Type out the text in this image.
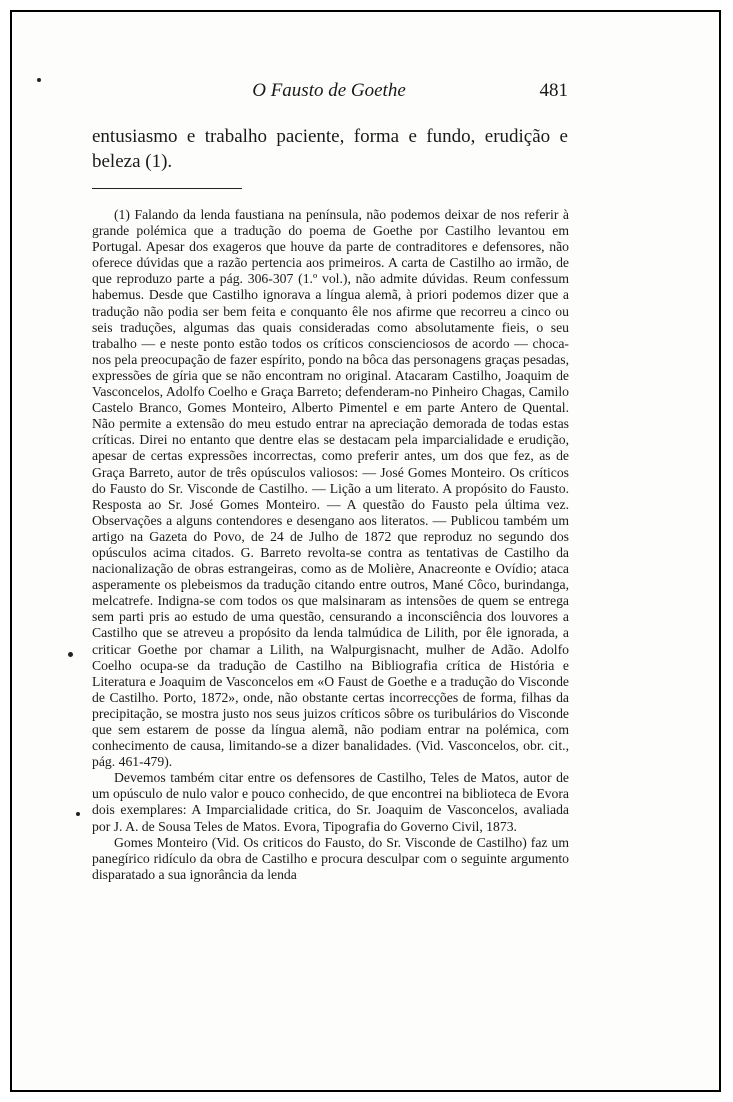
O Fausto de Goethe	481
entusiasmo e trabalho paciente, forma e fundo, erudição e beleza (1).

(1) Falando da lenda faustiana na península, não podemos deixar de nos referir à grande polémica que a tradução do poema de Goethe por Castilho levantou em Portugal. Apesar dos exageros que houve da parte de contraditores e defensores, não oferece dúvidas que a razão pertencia aos primeiros. A carta de Castilho ao irmão, de que reproduzo parte a pág. 306-307 (1.º vol.), não admite dúvidas. Reum confessum habemus. Desde que Castilho ignorava a língua alemã, à priori podemos dizer que a tradução não podia ser bem feita e conquanto êle nos afirme que recorreu a cinco ou seis traduções, algumas das quais consideradas como absolutamente fieis, o seu trabalho — e neste ponto estão todos os críticos conscienciosos de acordo — choca-nos pela preocupação de fazer espírito, pondo na bôca das personagens graças pesadas, expressões de gíria que se não encontram no original. Atacaram Castilho, Joaquim de Vasconcelos, Adolfo Coelho e Graça Barreto; defenderam-no Pinheiro Chagas, Camilo Castelo Branco, Gomes Monteiro, Alberto Pimentel e em parte Antero de Quental. Não permite a extensão do meu estudo entrar na apreciação demorada de todas estas críticas. Direi no entanto que dentre elas se destacam pela imparcialidade e erudição, apesar de certas expressões incorrectas, como preferir antes, um dos que fez, as de Graça Barreto, autor de três opúsculos valiosos: — José Gomes Monteiro. Os críticos do Fausto do Sr. Visconde de Castilho. — Lição a um literato. A propósito do Fausto. Resposta ao Sr. José Gomes Monteiro. — A questão do Fausto pela última vez. Observações a alguns contendores e desengano aos literatos. — Publicou também um artigo na Gazeta do Povo, de 24 de Julho de 1872 que reproduz no segundo dos opúsculos acima citados. G. Barreto revolta-se contra as tentativas de Castilho da nacionalização de obras estrangeiras, como as de Molière, Anacreonte e Ovídio; ataca asperamente os plebeismos da tradução citando entre outros, Mané Côco, burindanga, melcatrefe. Indigna-se com todos os que malsinaram as intensões de quem se entrega sem parti pris ao estudo de uma questão, censurando a inconsciência dos louvores a Castilho que se atreveu a propósito da lenda talmúdica de Lilith, por êle ignorada, a criticar Goethe por chamar a Lilith, na Walpurgisnacht, mulher de Adão. Adolfo Coelho ocupa-se da tradução de Castilho na Bibliografia crítica de História e Literatura e Joaquim de Vasconcelos em «O Faust de Goethe e a tradução do Visconde de Castilho. Porto, 1872», onde, não obstante certas incorrecções de forma, filhas da precipitação, se mostra justo nos seus juizos críticos sôbre os turibulários do Visconde que sem estarem de posse da língua alemã, não podiam entrar na polémica, com conhecimento de causa, limitando-se a dizer banalidades. (Vid. Vasconcelos, obr. cit., pág. 461-479).

Devemos também citar entre os defensores de Castilho, Teles de Matos, autor de um opúsculo de nulo valor e pouco conhecido, de que encontrei na biblioteca de Evora dois exemplares: A Imparcialidade critica, do Sr. Joaquim de Vasconcelos, avaliada por J. A. de Sousa Teles de Matos. Evora, Tipografia do Governo Civil, 1873.

Gomes Monteiro (Vid. Os criticos do Fausto, do Sr. Visconde de Castilho) faz um panegírico ridículo da obra de Castilho e procura desculpar com o seguinte argumento disparatado a sua ignorância da lenda
